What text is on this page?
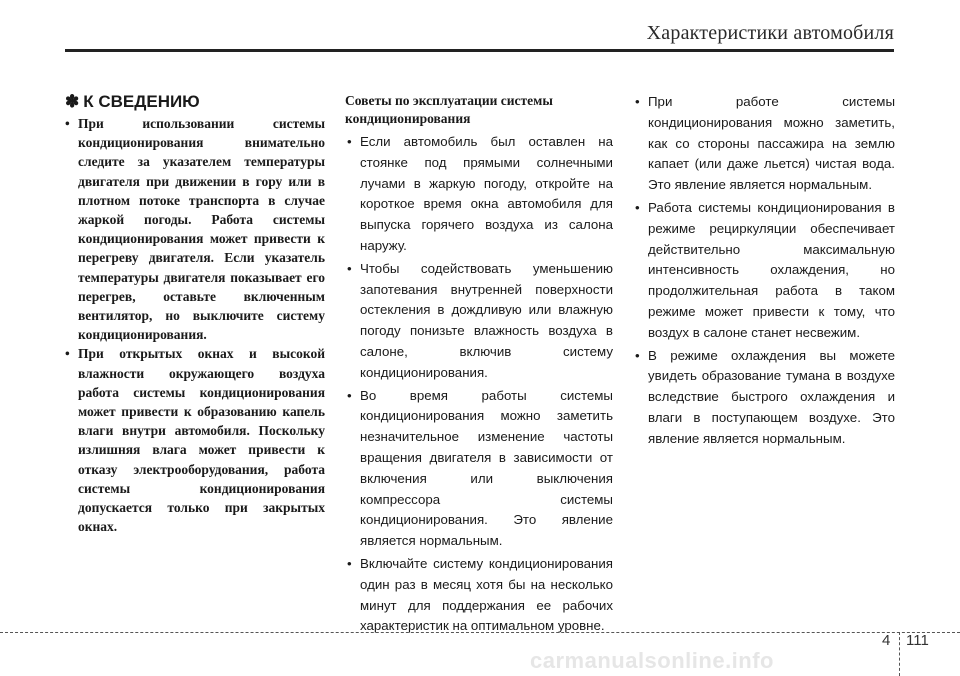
Характеристики автомобиля
✽ К СВЕДЕНИЮ
• При использовании системы кондиционирования внимательно следите за указателем температуры двигателя при движении в гору или в плотном потоке транспорта в случае жаркой погоды. Работа системы кондиционирования может привести к перегреву двигателя. Если указатель температуры двигателя показывает его перегрев, оставьте включенным вентилятор, но выключите систему кондиционирования.
• При открытых окнах и высокой влажности окружающего воздуха работа системы кондиционирования может привести к образованию капель влаги внутри автомобиля. Поскольку излишняя влага может привести к отказу электрооборудования, работа системы кондиционирования допускается только при закрытых окнах.
Советы по эксплуатации системы кондиционирования
• Если автомобиль был оставлен на стоянке под прямыми солнечными лучами в жаркую погоду, откройте на короткое время окна автомобиля для выпуска горячего воздуха из салона наружу.
• Чтобы содействовать уменьшению запотевания внутренней поверхности остекления в дождливую или влажную погоду понизьте влажность воздуха в салоне, включив систему кондиционирования.
• Во время работы системы кондиционирования можно заметить незначительное изменение частоты вращения двигателя в зависимости от включения или выключения компрессора системы кондиционирования. Это явление является нормальным.
• Включайте систему кондиционирования один раз в месяц хотя бы на несколько минут для поддержания ее рабочих характеристик на оптимальном уровне.
• При работе системы кондиционирования можно заметить, как со стороны пассажира на землю капает (или даже льется) чистая вода. Это явление является нормальным.
• Работа системы кондиционирования в режиме рециркуляции обеспечивает действительно максимальную интенсивность охлаждения, но продолжительная работа в таком режиме может привести к тому, что воздух в салоне станет несвежим.
• В режиме охлаждения вы можете увидеть образование тумана в воздухе вследствие быстрого охлаждения и влаги в поступающем воздухе. Это явление является нормальным.
4 111
carmanualsonline.info
